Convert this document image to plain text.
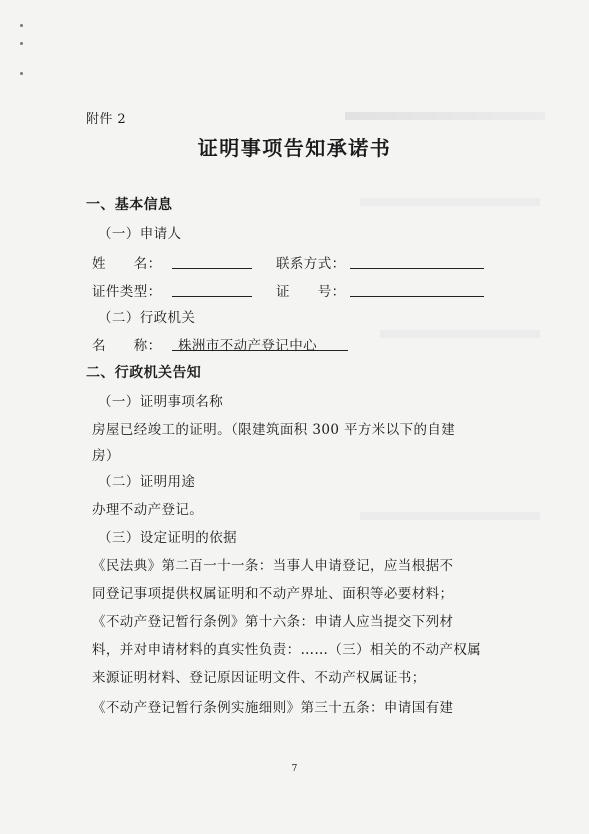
附件 2
证明事项告知承诺书
一、基本信息
（一）申请人
姓　　名：	联系方式：
证件类型：	证　　号：
（二）行政机关
名　　称： 株洲市不动产登记中心
二、行政机关告知
（一）证明事项名称
房屋已经竣工的证明。（限建筑面积 300 平方米以下的自建
房）
（二）证明用途
办理不动产登记。
（三）设定证明的依据
《民法典》第二百一十一条：当事人申请登记，应当根据不
同登记事项提供权属证明和不动产界址、面积等必要材料；
《不动产登记暂行条例》第十六条：申请人应当提交下列材
料，并对申请材料的真实性负责：……（三）相关的不动产权属
来源证明材料、登记原因证明文件、不动产权属证书；
《不动产登记暂行条例实施细则》第三十五条：申请国有建
7
